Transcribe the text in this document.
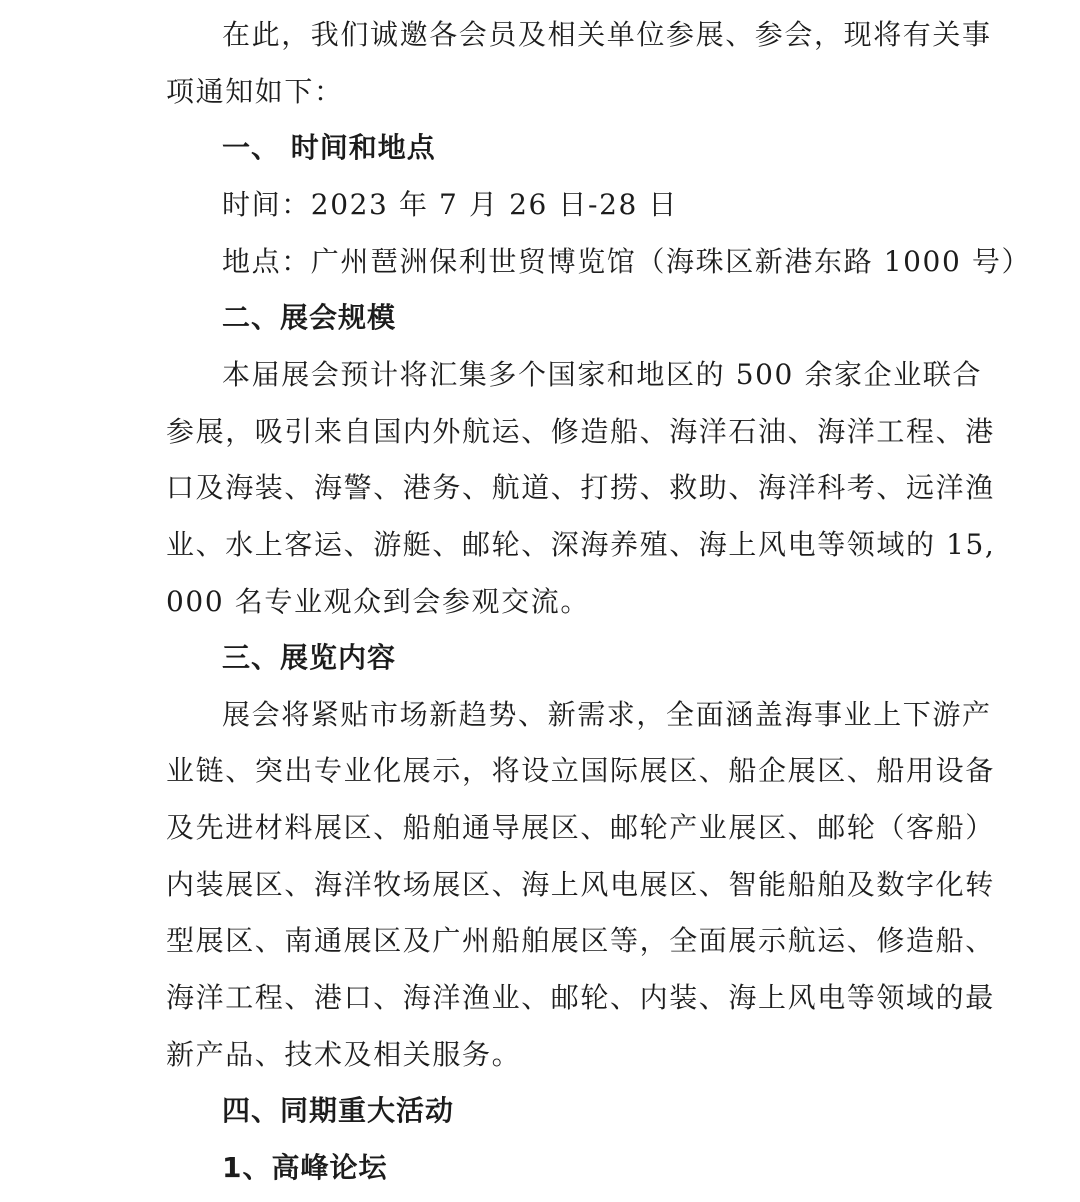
在此，我们诚邀各会员及相关单位参展、参会，现将有关事
项通知如下：
一、 时间和地点
时间：2023 年 7 月 26 日-28 日
地点：广州琶洲保利世贸博览馆（海珠区新港东路 1000 号）
二、展会规模
本届展会预计将汇集多个国家和地区的 500 余家企业联合
参展，吸引来自国内外航运、修造船、海洋石油、海洋工程、港
口及海装、海警、港务、航道、打捞、救助、海洋科考、远洋渔
业、水上客运、游艇、邮轮、深海养殖、海上风电等领域的 15,
000 名专业观众到会参观交流。
三、展览内容
展会将紧贴市场新趋势、新需求，全面涵盖海事业上下游产
业链、突出专业化展示，将设立国际展区、船企展区、船用设备
及先进材料展区、船舶通导展区、邮轮产业展区、邮轮（客船）
内装展区、海洋牧场展区、海上风电展区、智能船舶及数字化转
型展区、南通展区及广州船舶展区等，全面展示航运、修造船、
海洋工程、港口、海洋渔业、邮轮、内装、海上风电等领域的最
新产品、技术及相关服务。
四、同期重大活动
1、高峰论坛
